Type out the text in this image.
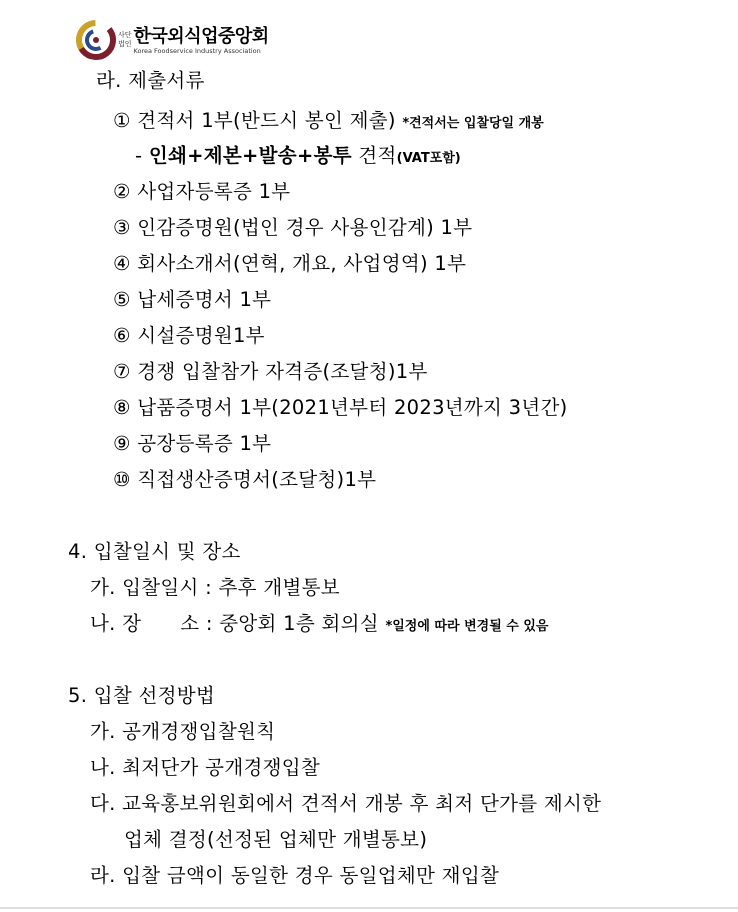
사단
법인 한국외식업중앙회
Korea Foodservice Industry Association
라. 제출서류
① 견적서 1부(반드시 봉인 제출) *견적서는 입찰당일 개봉
- 인쇄+제본+발송+봉투 견적(VAT포함)
② 사업자등록증 1부
③ 인감증명원(법인 경우 사용인감계) 1부
④ 회사소개서(연혁, 개요, 사업영역) 1부
⑤ 납세증명서 1부
⑥ 시설증명원1부
⑦ 경쟁 입찰참가 자격증(조달청)1부
⑧ 납품증명서 1부(2021년부터 2023년까지 3년간)
⑨ 공장등록증 1부
⑩ 직접생산증명서(조달청)1부
4. 입찰일시 및 장소
가. 입찰일시 : 추후 개별통보
나. 장      소 : 중앙회 1층 회의실 *일정에 따라 변경될 수 있음
5. 입찰 선정방법
가. 공개경쟁입찰원칙
나. 최저단가 공개경쟁입찰
다. 교육홍보위원회에서 견적서 개봉 후 최저 단가를 제시한
업체 결정(선정된 업체만 개별통보)
라. 입찰 금액이 동일한 경우 동일업체만 재입찰
